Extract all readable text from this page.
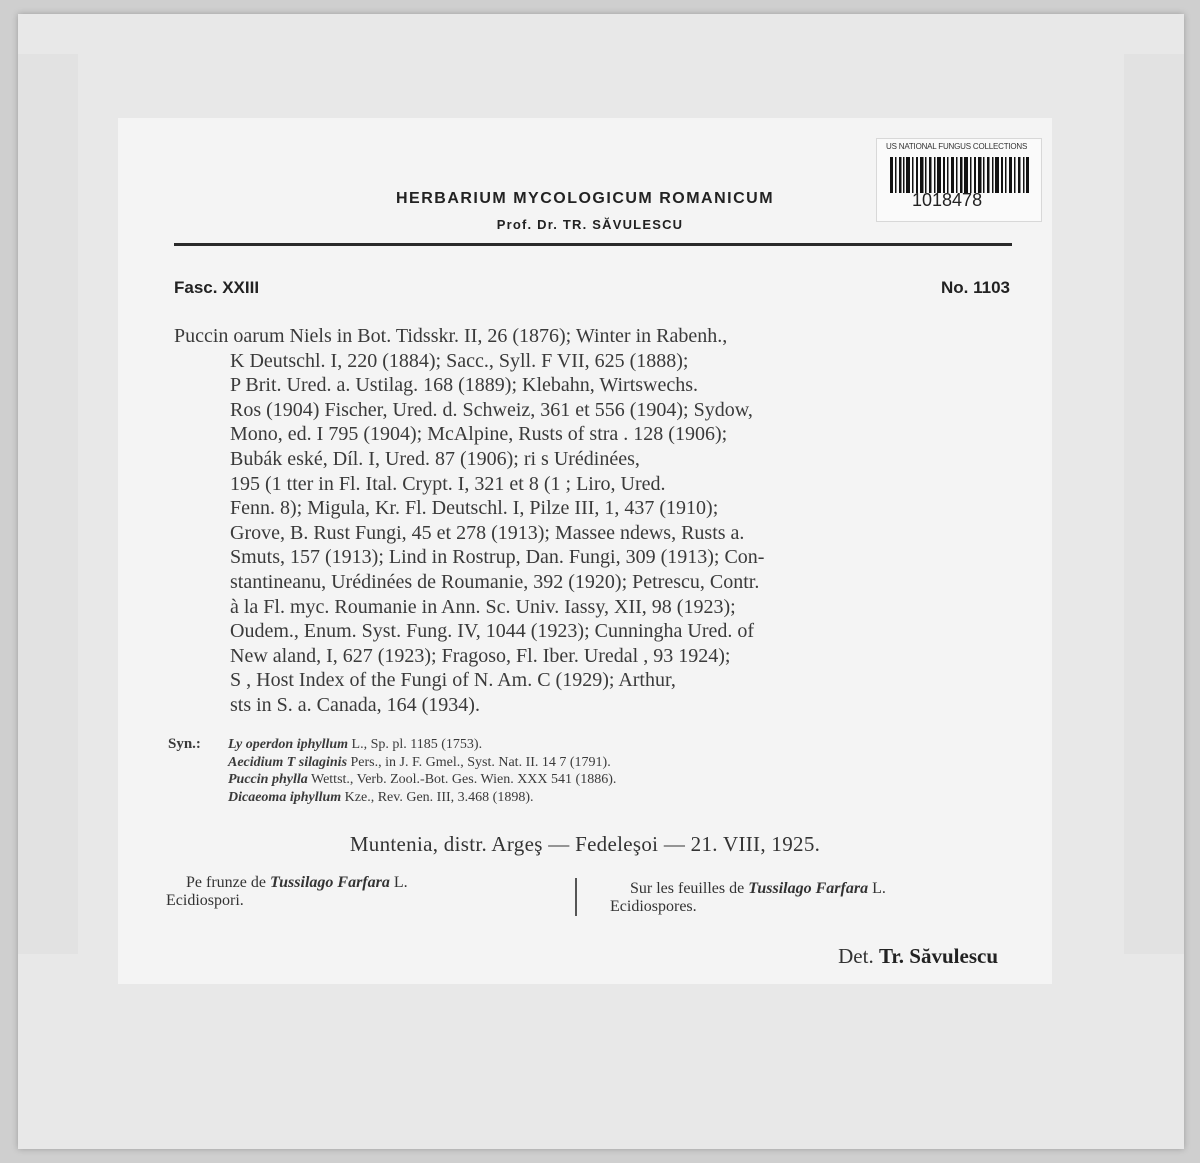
US NATIONAL FUNGUS COLLECTIONS
1018478
HERBARIUM MYCOLOGICUM ROMANICUM
Prof. Dr. TR. SĂVULESCU
Fasc. XXIII	No. 1103
Puccin oarum Niels in Bot. Tidsskr. II, 26 (1876); Winter in Rabenh.,
K Deutschl. I, 220 (1884); Sacc., Syll. F VII, 625 (1888);
P Brit. Ured. a. Ustilag. 168 (1889); Klebahn, Wirtswechs.
Ros (1904) Fischer, Ured. d. Schweiz, 361 et 556 (1904); Sydow,
Mono, ed. I 795 (1904); McAlpine, Rusts of stra . 128 (1906);
Bubák eské, Díl. I, Ured. 87 (1906); ri s Urédinées,
195 (1 tter in Fl. Ital. Crypt. I, 321 et 8 (1 ; Liro, Ured.
Fenn. 8); Migula, Kr. Fl. Deutschl. I, Pilze III, 1, 437 (1910);
Grove, B. Rust Fungi, 45 et 278 (1913); Massee ndews, Rusts a.
Smuts, 157 (1913); Lind in Rostrup, Dan. Fungi, 309 (1913); Con-
stantineanu, Urédinées de Roumanie, 392 (1920); Petrescu, Contr.
à la Fl. myc. Roumanie in Ann. Sc. Univ. Iassy, XII, 98 (1923);
Oudem., Enum. Syst. Fung. IV, 1044 (1923); Cunningha Ured. of
New aland, I, 627 (1923); Fragoso, Fl. Iber. Uredal , 93 1924);
S , Host Index of the Fungi of N. Am. C (1929); Arthur,
sts in S. a. Canada, 164 (1934).
Syn.:	Ly operdon iphyllum L., Sp. pl. 1185 (1753).
Aecidium T silaginis Pers., in J. F. Gmel., Syst. Nat. II. 14 7 (1791).
Puccin phylla Wettst., Verb. Zool.-Bot. Ges. Wien. XXX 541 (1886).
Dicaeoma iphyllum Kze., Rev. Gen. III, 3.468 (1898).
Muntenia, distr. Argeş — Fedeleşoi — 21. VIII, 1925.
Pe frunze de Tussilago Farfara L.
Ecidiospori.
Sur les feuilles de Tussilago Farfara L.
Ecidiospores.
Det. Tr. Săvulescu
